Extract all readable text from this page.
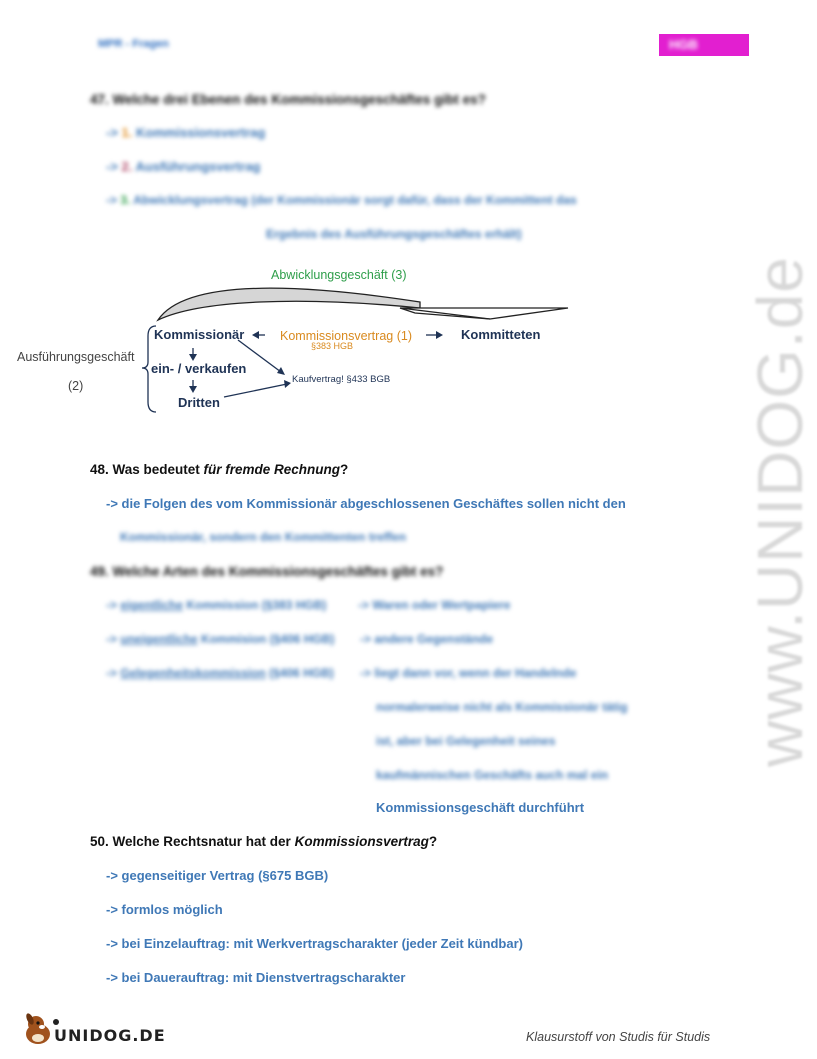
MPR - Fragen	HGB
www.UNIDOG.de
47. Welche drei Ebenen des Kommissionsgeschäftes gibt es?
-> 1. Kommissionsvertrag
-> 2. Ausführungsvertrag
-> 3. Abwicklungsvertrag (der Kommissionär sorgt dafür, dass der Kommittent das
Ergebnis des Ausführungsgeschäftes erhält)
Abwicklungsgeschäft (3)
Kommissionär	Kommissionsvertrag (1)
§383 HGB
Kommitteten
Ausführungsgeschäft
(2)
ein- / verkaufen
Kaufvertrag! §433 BGB
Dritten
48. Was bedeutet für fremde Rechnung?
-> die Folgen des vom Kommissionär abgeschlossenen Geschäftes sollen nicht den
Kommissionär, sondern den Kommittenten treffen
49. Welche Arten des Kommissionsgeschäftes gibt es?
-> eigentliche Kommission (§383 HGB)	-> Waren oder Wertpapiere
-> uneigentliche Kommision (§406 HGB) -> andere Gegenstände
-> Gelegenheitskommission (§406 HGB) -> liegt dann vor, wenn der Handelnde
normalerweise nicht als Kommissionär tätig
ist, aber bei Gelegenheit seines
kaufmännischen Geschäfts auch mal ein
Kommissionsgeschäft durchführt
50. Welche Rechtsnatur hat der Kommissionsvertrag?
-> gegenseitiger Vertrag (§675 BGB)
-> formlos möglich
-> bei Einzelauftrag: mit Werkvertragscharakter (jeder Zeit kündbar)
-> bei Dauerauftrag: mit Dienstvertragscharakter
UNIDOG.DE	Klausurstoff von Studis für Studis
